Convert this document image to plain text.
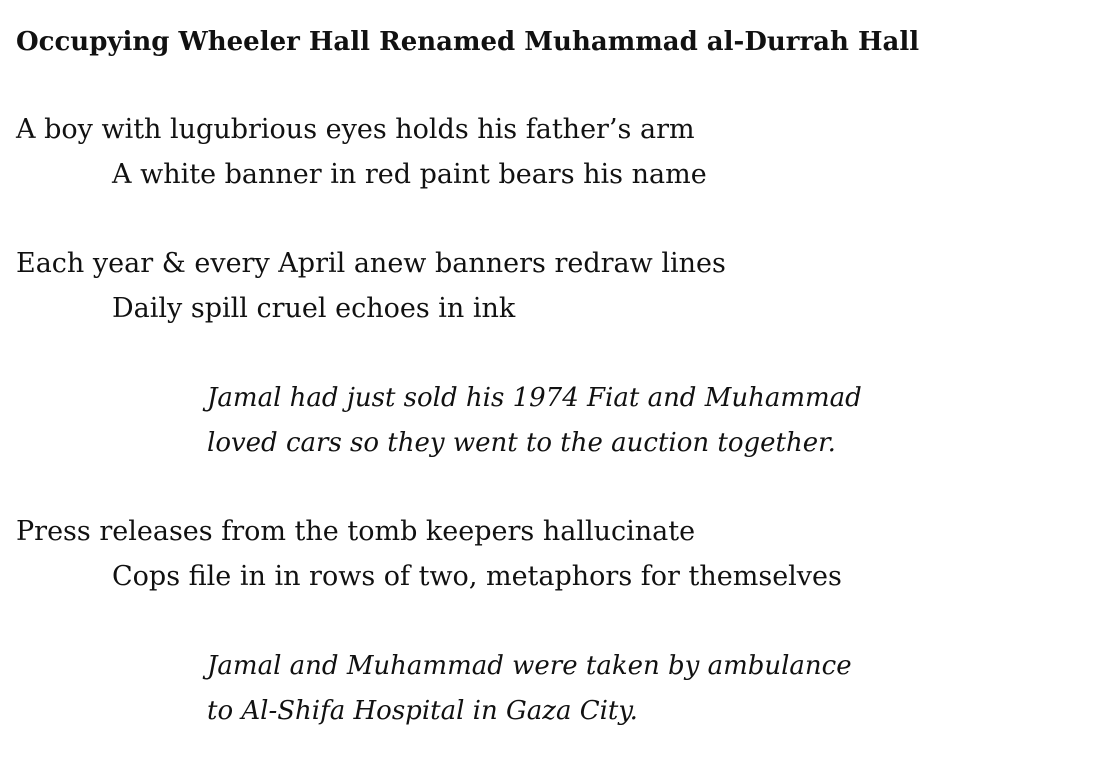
Occupying Wheeler Hall Renamed Muhammad al-Durrah Hall
A boy with lugubrious eyes holds his father’s arm
A white banner in red paint bears his name
Each year & every April anew banners redraw lines
Daily spill cruel echoes in ink
Jamal had just sold his 1974 Fiat and Muhammad
loved cars so they went to the auction together.
Press releases from the tomb keepers hallucinate
Cops file in in rows of two, metaphors for themselves
Jamal and Muhammad were taken by ambulance
to Al-Shifa Hospital in Gaza City.
